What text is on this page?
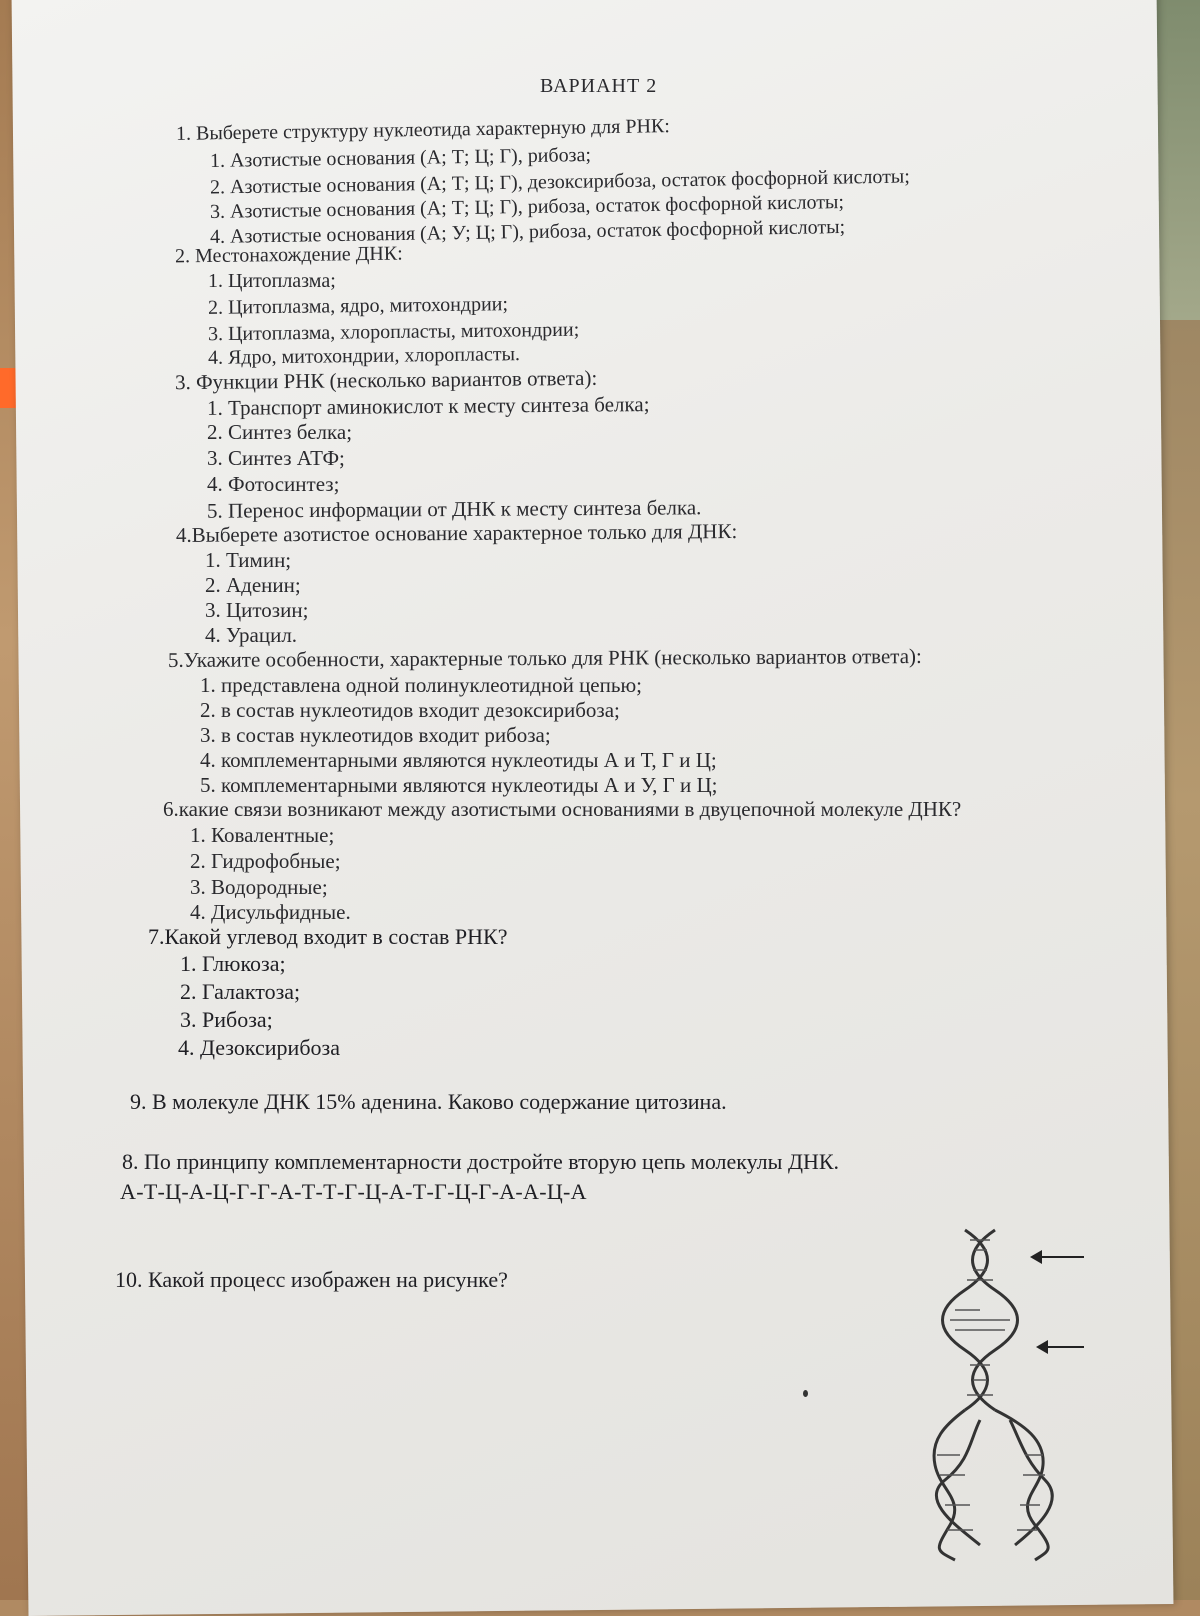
ВАРИАНТ 2
1. Выберете структуру нуклеотида характерную для РНК:
1. Азотистые основания (А; Т; Ц; Г), рибоза;
2. Азотистые основания (А; Т; Ц; Г), дезоксирибоза, остаток фосфорной кислоты;
3. Азотистые основания (А; Т; Ц; Г), рибоза, остаток фосфорной кислоты;
4. Азотистые основания (А; У; Ц; Г), рибоза, остаток фосфорной кислоты;
2. Местонахождение ДНК:
1. Цитоплазма;
2. Цитоплазма, ядро, митохондрии;
3. Цитоплазма, хлоропласты, митохондрии;
4. Ядро, митохондрии, хлоропласты.
3. Функции РНК (несколько вариантов ответа):
1. Транспорт аминокислот к месту синтеза белка;
2. Синтез белка;
3. Синтез АТФ;
4. Фотосинтез;
5. Перенос информации от ДНК к месту синтеза белка.
4.Выберете азотистое основание характерное только для ДНК:
1. Тимин;
2. Аденин;
3. Цитозин;
4. Урацил.
5.Укажите особенности, характерные только для РНК (несколько вариантов ответа):
1. представлена одной полинуклеотидной цепью;
2. в состав нуклеотидов входит дезоксирибоза;
3. в состав нуклеотидов входит рибоза;
4. комплементарными являются нуклеотиды А и Т, Г и Ц;
5. комплементарными являются нуклеотиды А и У, Г и Ц;
6.какие связи возникают между азотистыми основаниями в двуцепочной молекуле ДНК?
1. Ковалентные;
2. Гидрофобные;
3. Водородные;
4. Дисульфидные.
7.Какой углевод входит в состав РНК?
1. Глюкоза;
2. Галактоза;
3. Рибоза;
4. Дезоксирибоза
9. В молекуле ДНК 15% аденина. Каково содержание цитозина.
8. По принципу комплементарности достройте вторую цепь молекулы ДНК.
А-Т-Ц-А-Ц-Г-Г-А-Т-Т-Г-Ц-А-Т-Г-Ц-Г-А-А-Ц-А
10. Какой процесс изображен на рисунке?
